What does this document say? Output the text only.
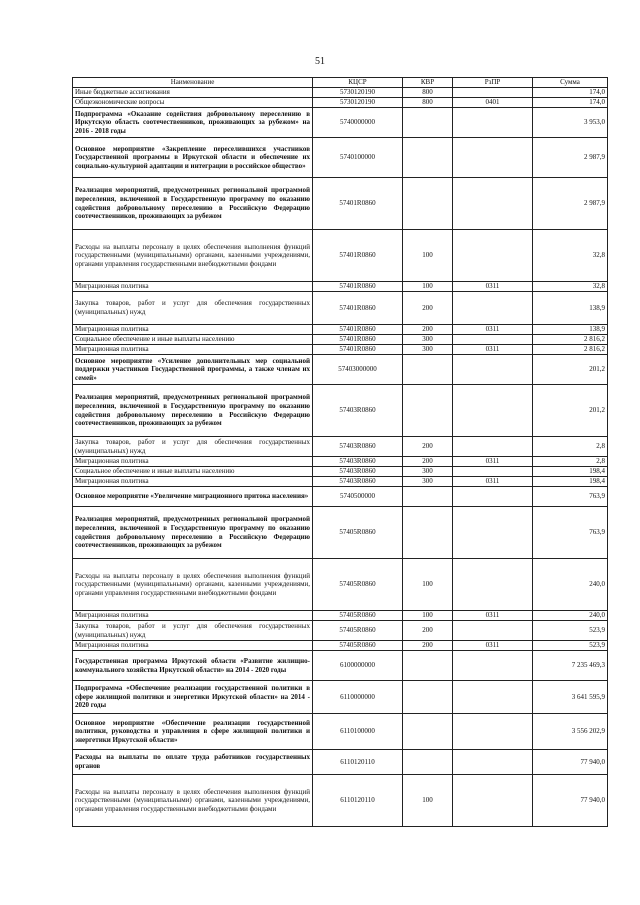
51
Наименование	КЦСР	КВР	РзПР	Сумма
Иные бюджетные ассигнования	5730120190	800		174,0
Общеэкономические вопросы	5730120190	800	0401	174,0
Подпрограмма «Оказание содействия добровольному переселению в Иркутскую область соотечественников, проживающих за рубежом» на 2016 - 2018 годы	5740000000			3 953,0
Основное мероприятие «Закрепление переселившихся участников Государственной программы в Иркутской области и обеспечение их социально-культурной адаптации и интеграции в российское общество»	5740100000			2 987,9
Реализация мероприятий, предусмотренных региональной программой переселения, включенной в Государственную программу по оказанию содействия добровольному переселению в Российскую Федерацию соотечественников, проживающих за рубежом	57401R0860			2 987,9
Расходы на выплаты персоналу в целях обеспечения выполнения функций государственными (муниципальными) органами, казенными учреждениями, органами управления государственными внебюджетными фондами	57401R0860	100		32,8
Миграционная политика	57401R0860	100	0311	32,8
Закупка товаров, работ и услуг для обеспечения государственных (муниципальных) нужд	57401R0860	200		138,9
Миграционная политика	57401R0860	200	0311	138,9
Социальное обеспечение и иные выплаты населению	57401R0860	300		2 816,2
Миграционная политика	57401R0860	300	0311	2 816,2
Основное мероприятие «Усиление дополнительных мер социальной поддержки участников Государственной программы, а также членам их семей»	57403000000			201,2
Реализация мероприятий, предусмотренных региональной программой переселения, включенной в Государственную программу по оказанию содействия добровольному переселению в Российскую Федерацию соотечественников, проживающих за рубежом	57403R0860			201,2
Закупка товаров, работ и услуг для обеспечения государственных (муниципальных) нужд	57403R0860	200		2,8
Миграционная политика	57403R0860	200	0311	2,8
Социальное обеспечение и иные выплаты населению	57403R0860	300		198,4
Миграционная политика	57403R0860	300	0311	198,4
Основное мероприятие «Увеличение миграционного притока населения»	5740500000			763,9
Реализация мероприятий, предусмотренных региональной программой переселения, включенной в Государственную программу по оказанию содействия добровольному переселению в Российскую Федерацию соотечественников, проживающих за рубежом	57405R0860			763,9
Расходы на выплаты персоналу в целях обеспечения выполнения функций государственными (муниципальными) органами, казенными учреждениями, органами управления государственными внебюджетными фондами	57405R0860	100		240,0
Миграционная политика	57405R0860	100	0311	240,0
Закупка товаров, работ и услуг для обеспечения государственных (муниципальных) нужд	57405R0860	200		523,9
Миграционная политика	57405R0860	200	0311	523,9
Государственная программа Иркутской области «Развитие жилищно-коммунального хозяйства Иркутской области» на 2014 - 2020 годы	6100000000			7 235 469,3
Подпрограмма «Обеспечение реализации государственной политики в сфере жилищной политики и энергетики Иркутской области» на 2014 - 2020 годы	6110000000			3 641 595,9
Основное мероприятие «Обеспечение реализации государственной политики, руководства и управления в сфере жилищной политики и энергетики Иркутской области»	6110100000			3 556 202,9
Расходы на выплаты по оплате труда работников государственных органов	6110120110			77 940,0
Расходы на выплаты персоналу в целях обеспечения выполнения функций государственными (муниципальными) органами, казенными учреждениями, органами управления государственными внебюджетными фондами	6110120110	100		77 940,0
